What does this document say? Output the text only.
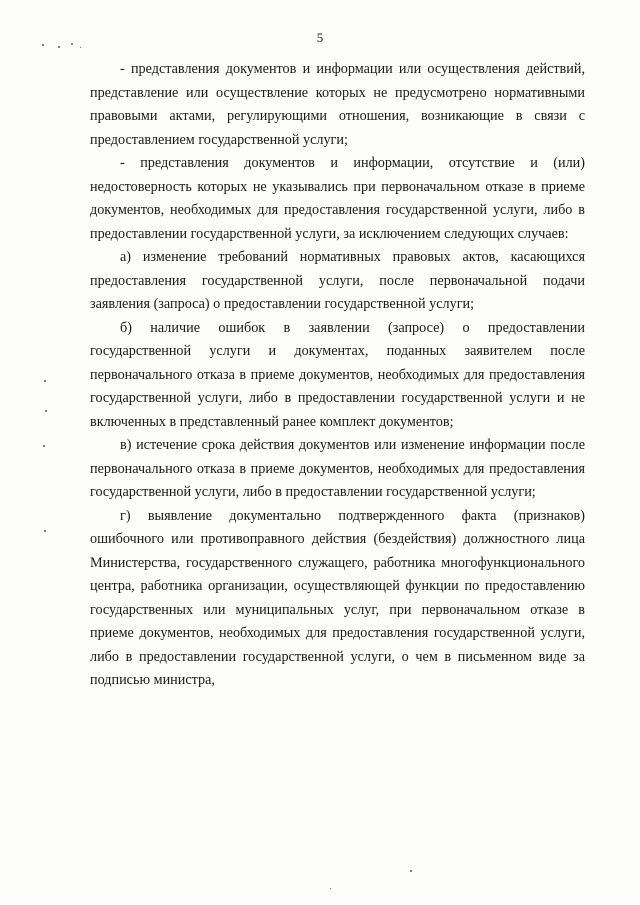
5

- представления документов и информации или осуществления действий, представление или осуществление которых не предусмотрено нормативными правовыми актами, регулирующими отношения, возникающие в связи с предоставлением государственной услуги;

- представления документов и информации, отсутствие и (или) недостоверность которых не указывались при первоначальном отказе в приеме документов, необходимых для предоставления государственной услуги, либо в предоставлении государственной услуги, за исключением следующих случаев:

а) изменение требований нормативных правовых актов, касающихся предоставления государственной услуги, после первоначальной подачи заявления (запроса) о предоставлении государственной услуги;

б) наличие ошибок в заявлении (запросе) о предоставлении государственной услуги и документах, поданных заявителем после первоначального отказа в приеме документов, необходимых для предоставления государственной услуги, либо в предоставлении государственной услуги и не включенных в представленный ранее комплект документов;

в) истечение срока действия документов или изменение информации после первоначального отказа в приеме документов, необходимых для предоставления государственной услуги, либо в предоставлении государственной услуги;

г) выявление документально подтвержденного факта (признаков) ошибочного или противоправного действия (бездействия) должностного лица Министерства, государственного служащего, работника многофункционального центра, работника организации, осуществляющей функции по предоставлению государственных или муниципальных услуг, при первоначальном отказе в приеме документов, необходимых для предоставления государственной услуги, либо в предоставлении государственной услуги, о чем в письменном виде за подписью министра,
